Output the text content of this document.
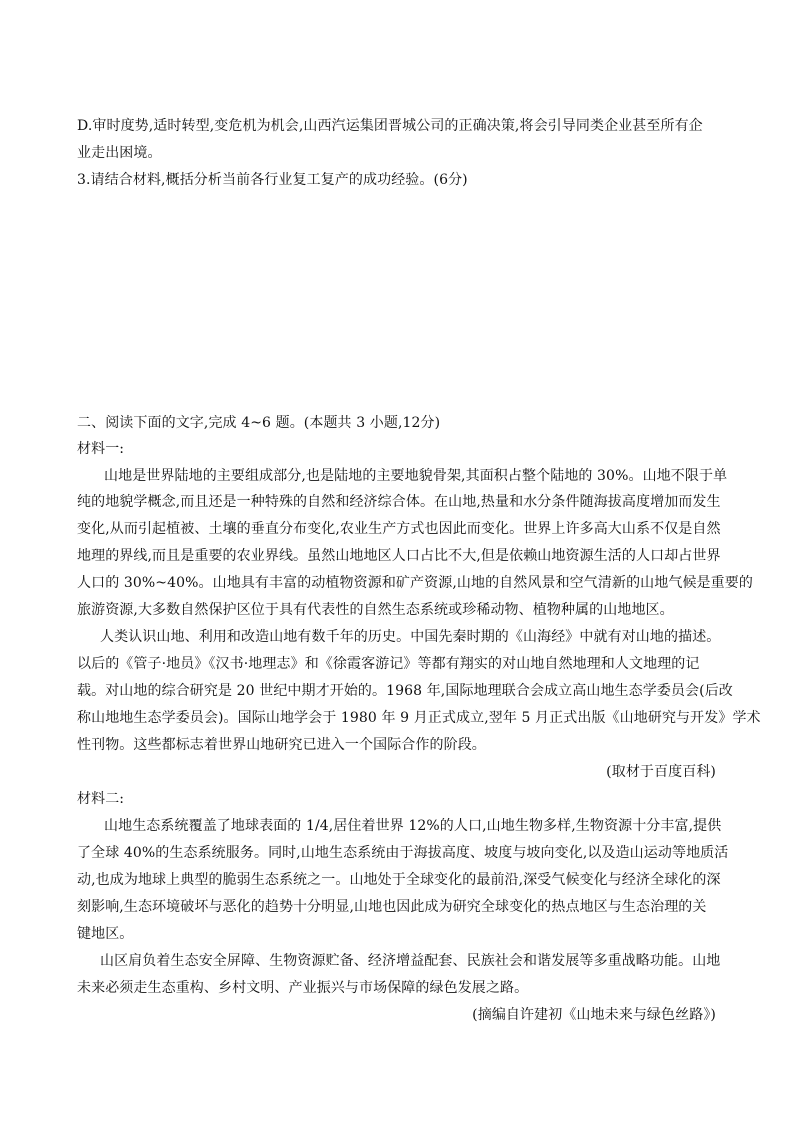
D.审时度势,适时转型,变危机为机会,山西汽运集团晋城公司的正确决策,将会引导同类企业甚至所有企
业走出困境。
3.请结合材料,概括分析当前各行业复工复产的成功经验。(6分)
二、阅读下面的文字,完成 4~6 题。(本题共 3 小题,12分)
材料一:
山地是世界陆地的主要组成部分,也是陆地的主要地貌骨架,其面积占整个陆地的 30%。山地不限于单
纯的地貌学概念,而且还是一种特殊的自然和经济综合体。在山地,热量和水分条件随海拔高度增加而发生
变化,从而引起植被、土壤的垂直分布变化,农业生产方式也因此而变化。世界上许多高大山系不仅是自然
地理的界线,而且是重要的农业界线。虽然山地地区人口占比不大,但是依赖山地资源生活的人口却占世界
人口的 30%~40%。山地具有丰富的动植物资源和矿产资源,山地的自然风景和空气清新的山地气候是重要的
旅游资源,大多数自然保护区位于具有代表性的自然生态系统或珍稀动物、植物种属的山地地区。
人类认识山地、利用和改造山地有数千年的历史。中国先秦时期的《山海经》中就有对山地的描述。
以后的《管子·地员》《汉书·地理志》和《徐霞客游记》等都有翔实的对山地自然地理和人文地理的记
载。对山地的综合研究是 20 世纪中期才开始的。1968 年,国际地理联合会成立高山地生态学委员会(后改
称山地地生态学委员会)。国际山地学会于 1980 年 9 月正式成立,翌年 5 月正式出版《山地研究与开发》学术
性刊物。这些都标志着世界山地研究已进入一个国际合作的阶段。
(取材于百度百科)
材料二:
山地生态系统覆盖了地球表面的 1/4,居住着世界 12%的人口,山地生物多样,生物资源十分丰富,提供
了全球 40%的生态系统服务。同时,山地生态系统由于海拔高度、坡度与坡向变化,以及造山运动等地质活
动,也成为地球上典型的脆弱生态系统之一。山地处于全球变化的最前沿,深受气候变化与经济全球化的深
刻影响,生态环境破坏与恶化的趋势十分明显,山地也因此成为研究全球变化的热点地区与生态治理的关
键地区。
山区肩负着生态安全屏障、生物资源贮备、经济增益配套、民族社会和谐发展等多重战略功能。山地
未来必须走生态重构、乡村文明、产业振兴与市场保障的绿色发展之路。
(摘编自许建初《山地未来与绿色丝路》)
